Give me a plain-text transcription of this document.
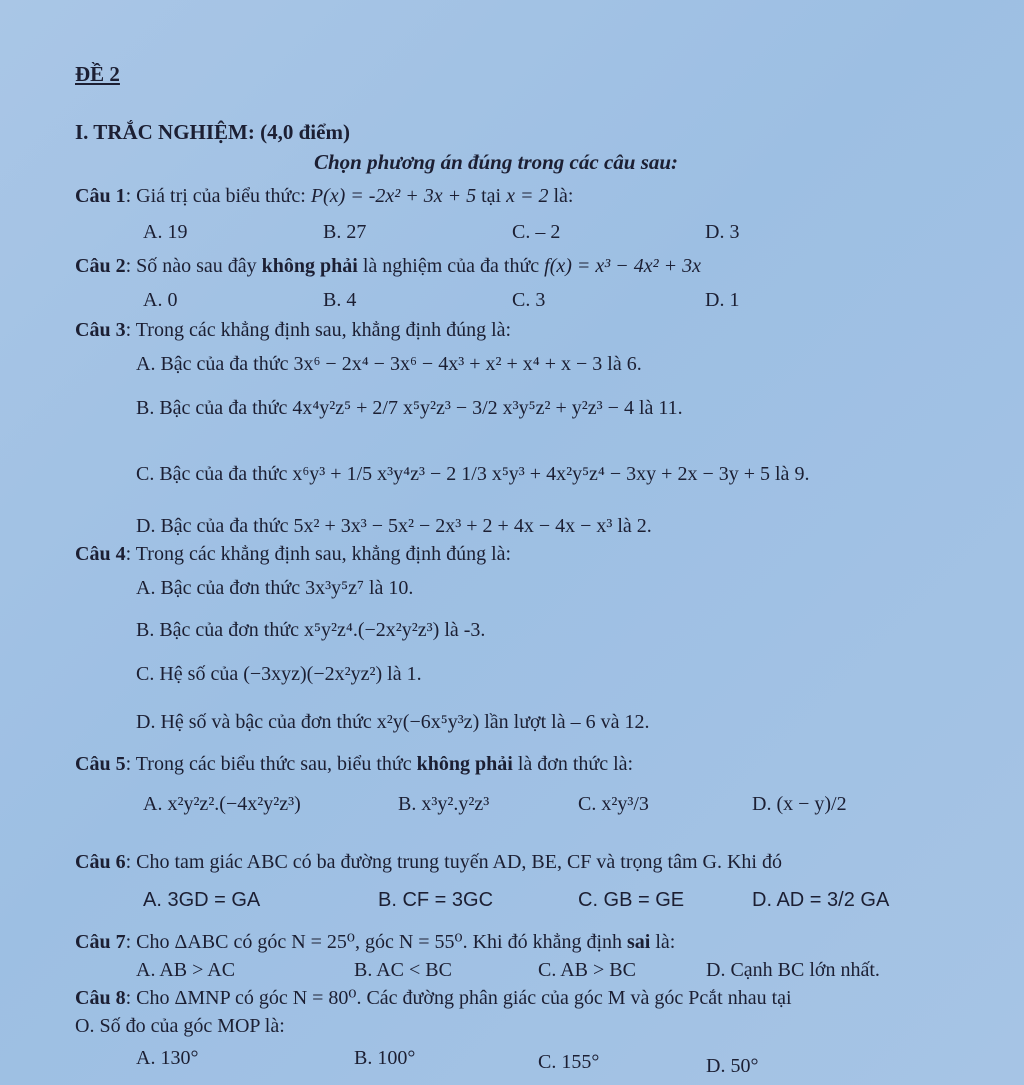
ĐỀ 2
I. TRẮC NGHIỆM: (4,0 điểm)
Chọn phương án đúng trong các câu sau:
Câu 1: Giá trị của biểu thức: P(x) = -2x² + 3x + 5 tại x = 2 là:
A. 19	B. 27	C. – 2	D. 3
Câu 2: Số nào sau đây không phải là nghiệm của đa thức f(x) = x³ − 4x² + 3x
A. 0	B. 4	C. 3	D. 1
Câu 3: Trong các khẳng định sau, khẳng định đúng là:
A. Bậc của đa thức 3x⁶ − 2x⁴ − 3x⁶ − 4x³ + x² + x⁴ + x − 3 là 6.
B. Bậc của đa thức 4x⁴y²z⁵ + 2/7 x⁵y²z³ − 3/2 x³y⁵z² + y²z³ − 4 là 11.
C. Bậc của đa thức x⁶y³ + 1/5 x³y⁴z³ − 2 1/3 x⁵y³ + 4x²y⁵z⁴ − 3xy + 2x − 3y + 5 là 9.
D. Bậc của đa thức 5x² + 3x³ − 5x² − 2x³ + 2 + 4x − 4x − x³ là 2.
Câu 4: Trong các khẳng định sau, khẳng định đúng là:
A. Bậc của đơn thức 3x³y⁵z⁷ là 10.
B. Bậc của đơn thức x⁵y²z⁴.(−2x²y²z³) là -3.
C. Hệ số của (−3xyz)(−2x²yz²) là 1.
D. Hệ số và bậc của đơn thức x²y(−6x⁵y³z) lần lượt là – 6 và 12.
Câu 5: Trong các biểu thức sau, biểu thức không phải là đơn thức là:
A. x²y²z².(−4x²y²z³)	B. x³y².y²z³	C. x²y³/3	D. (x − y)/2
Câu 6: Cho tam giác ABC có ba đường trung tuyến AD, BE, CF và trọng tâm G. Khi đó
A. 3GD = GA	B. CF = 3GC	C. GB = GE	D. AD = 3/2 GA
Câu 7: Cho ΔABC có góc N = 25⁰, góc N = 55⁰. Khi đó khẳng định sai là:
A. AB > AC	B. AC < BC	C. AB > BC	D. Cạnh BC lớn nhất.
Câu 8: Cho ΔMNP có góc N = 80⁰. Các đường phân giác của góc M và góc Pcắt nhau tại
O. Số đo của góc MOP là:
A. 130°	B. 100°	C. 155°	D. 50°
